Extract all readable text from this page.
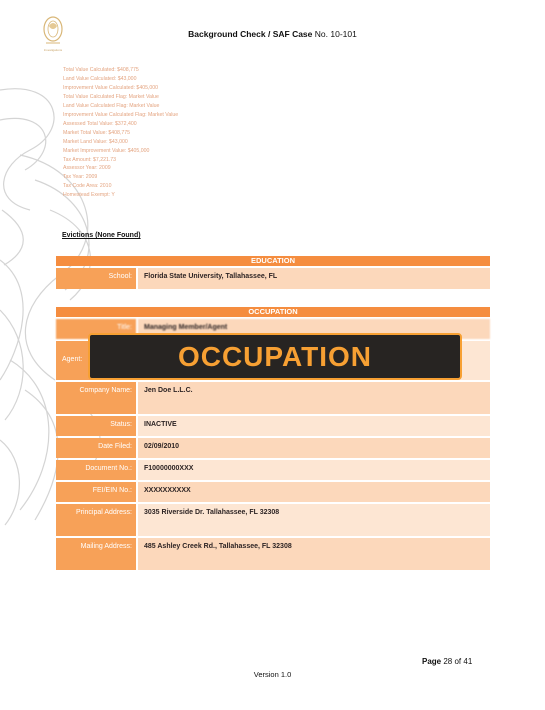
Investigations
Background Check / SAF Case No. 10-101
Total Value Calculated: $408,775
Land Value Calculated: $43,000
Improvement Value Calculated: $405,000
Total Value Calculated Flag: Market Value
Land Value Calculated Flag: Market Value
Improvement Value Calculated Flag: Market Value
Assessed Total Value: $372,400
Market Total Value: $408,775
Market Land Value: $43,000
Market Improvement Value: $405,000
Tax Amount: $7,221.73
Assessor Year: 2009
Tax Year: 2009
Tax Code Area: 2010
Homestead Exempt: Y
Evictions (None Found)
EDUCATION
School:	Florida State University, Tallahassee, FL
OCCUPATION
Title:	Managing Member/Agent
Agent:
Company Name:	Jen Doe L.L.C.
Status:	INACTIVE
Date Filed:	02/09/2010
Document No.:	F10000000XXX
FEI/EIN No.:	XXXXXXXXXX
Principal Address:	3035 Riverside Dr. Tallahassee, FL 32308
Mailing Address:	485 Ashley Creek Rd., Tallahassee, FL 32308
OCCUPATION
Page 28 of 41
Version 1.0
